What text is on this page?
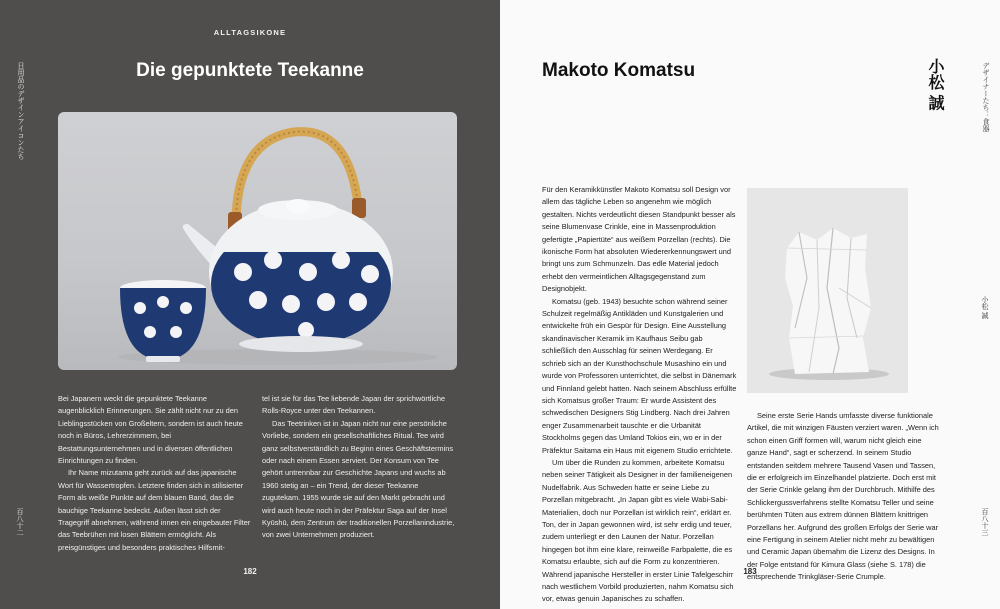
ALLTAGSIKONE
日用品のデザインアイコンたち	Die gepunktete Teekanne

Bei Japanern weckt die gepunktete Teekanne augenblicklich Erinnerungen. Sie zählt nicht nur zu den Lieblingsstücken von Großeltern, sondern ist auch heute noch in Büros, Lehrerzimmern, bei Bestattungsunternehmen und in diversen öffentlichen Einrichtungen zu finden.

Ihr Name mizutama geht zurück auf das japanische Wort für Wassertropfen. Letztere finden sich in stilisierter Form als weiße Punkte auf dem blauen Band, das die bauchige Teekanne bedeckt. Außen lässt sich der Tragegriff abnehmen, während innen ein eingebauter Filter das Teebrühen mit losen Blättern ermöglicht. Als preisgünstiges und besonders praktisches Hilfsmit-

tel ist sie für das Tee liebende Japan der sprichwörtliche Rolls-Royce unter den Teekannen.

Das Teetrinken ist in Japan nicht nur eine persönliche Vorliebe, sondern ein gesellschaftliches Ritual. Tee wird ganz selbstverständlich zu Beginn eines Geschäftstermins oder nach einem Essen serviert. Der Konsum von Tee gehört untrennbar zur Geschichte Japans und wuchs ab 1960 stetig an – ein Trend, der dieser Teekanne zugutekam. 1955 wurde sie auf den Markt gebracht und wird auch heute noch in der Präfektur Saga auf der Insel Kyūshū, dem Zentrum der traditionellen Porzellanindustrie, von zwei Unternehmen produziert.

百八十二
182
Makoto Komatsu	小松 誠	デザイナーたち：食器
小松 誠

Für den Keramikkünstler Makoto Komatsu soll Design vor allem das tägliche Leben so angenehm wie möglich gestalten. Nichts verdeutlicht diesen Standpunkt besser als seine Blumenvase Crinkle, eine in Massenproduktion gefertigte „Papiertüte“ aus weißem Porzellan (rechts). Die ikonische Form hat absoluten Wiedererkennungswert und bringt uns zum Schmunzeln. Das edle Material jedoch erhebt den vermeintlichen Alltagsgegenstand zum Designobjekt.

Komatsu (geb. 1943) besuchte schon während seiner Schulzeit regelmäßig Antikläden und Kunstgalerien und entwickelte früh ein Gespür für Design. Eine Ausstellung skandinavischer Keramik im Kaufhaus Seibu gab schließlich den Ausschlag für seinen Werdegang. Er schrieb sich an der Kunsthochschule Musashino ein und wurde von Professoren unterrichtet, die selbst in Dänemark und Finnland gelebt hatten. Nach seinem Abschluss erfüllte sich Komatsus großer Traum: Er wurde Assistent des schwedischen Designers Stig Lindberg. Nach drei Jahren enger Zusammenarbeit tauschte er die Urbanität Stockholms gegen das Umland Tokios ein, wo er in der Präfektur Saitama ein Haus mit eigenem Studio errichtete.

Um über die Runden zu kommen, arbeitete Komatsu neben seiner Tätigkeit als Designer in der familieneigenen Nudelfabrik. Aus Schweden hatte er seine Liebe zu Porzellan mitgebracht. „In Japan gibt es viele Wabi-Sabi-Materialien, doch nur Porzellan ist wirklich rein“, erklärt er. Ton, der in Japan gewonnen wird, ist sehr erdig und teuer, zudem unterliegt er den Launen der Natur. Porzellan hingegen bot ihm eine klare, reinweiße Farbpalette, die es Komatsu erlaubte, sich auf die Form zu konzentrieren. Während japanische Hersteller in erster Linie Tafelgeschirr nach westlichem Vorbild produzierten, nahm Komatsu sich vor, etwas genuin Japanisches zu schaffen.

Seine erste Serie Hands umfasste diverse funktionale Artikel, die mit winzigen Fäusten verziert waren. „Wenn ich schon einen Griff formen will, warum nicht gleich eine ganze Hand“, sagt er scherzend. In seinem Studio entstanden seitdem mehrere Tausend Vasen und Tassen, die er erfolgreich im Einzelhandel platzierte. Doch erst mit der Serie Crinkle gelang ihm der Durchbruch. Mithilfe des Schlickergussverfahrens stellte Komatsu Teller und seine berühmten Tüten aus extrem dünnen Blättern knittrigen Porzellans her. Aufgrund des großen Erfolgs der Serie war eine Fertigung in seinem Atelier nicht mehr zu bewältigen und Ceramic Japan übernahm die Lizenz des Designs. In der Folge entstand für Kimura Glass (siehe S. 178) die entsprechende Trinkgläser-Serie Crumple.

百八十三
183
